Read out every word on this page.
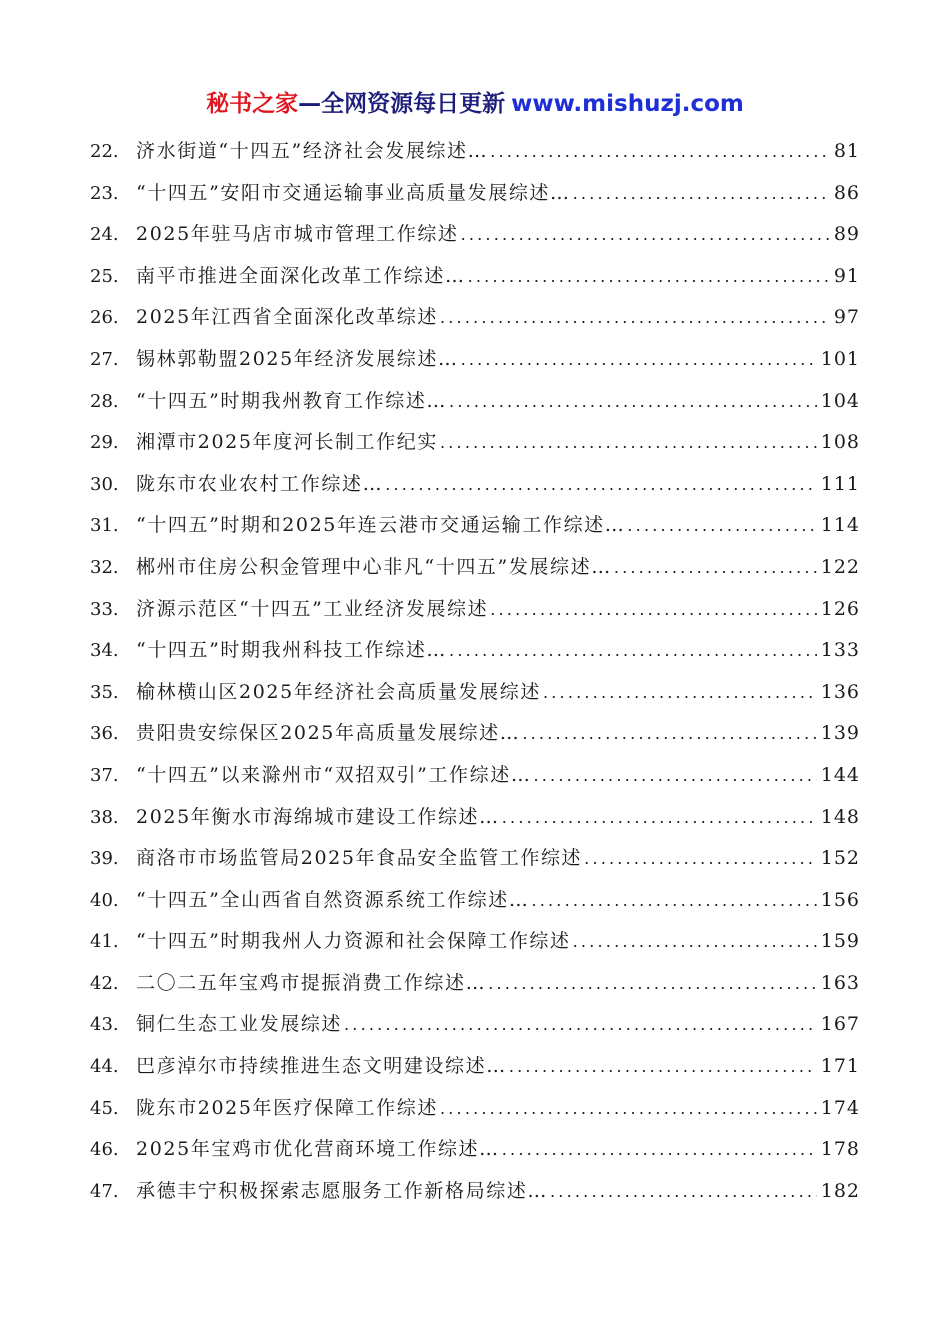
秘书之家—全网资源每日更新 www.mishuzj.com
22. 济水街道“十四五”经济社会发展综述… .....	81
23. “十四五”安阳市交通运输事业高质量发展综述… .....	86
24. 2025年驻马店市城市管理工作综述 .....	89
25. 南平市推进全面深化改革工作综述… .....	91
26. 2025年江西省全面深化改革综述 .....	97
27. 锡林郭勒盟2025年经济发展综述… .....	101
28. “十四五”时期我州教育工作综述… .....	104
29. 湘潭市2025年度河长制工作纪实 .....	108
30. 陇东市农业农村工作综述… .....	111
31. “十四五”时期和2025年连云港市交通运输工作综述… .....	114
32. 郴州市住房公积金管理中心非凡“十四五”发展综述… .....	122
33. 济源示范区“十四五”工业经济发展综述 .....	126
34. “十四五”时期我州科技工作综述… .....	133
35. 榆林横山区2025年经济社会高质量发展综述 .....	136
36. 贵阳贵安综保区2025年高质量发展综述… .....	139
37. “十四五”以来滁州市“双招双引”工作综述… .....	144
38. 2025年衡水市海绵城市建设工作综述… .....	148
39. 商洛市市场监管局2025年食品安全监管工作综述 .....	152
40. “十四五”全山西省自然资源系统工作综述… .....	156
41. “十四五”时期我州人力资源和社会保障工作综述 .....	159
42. 二〇二五年宝鸡市提振消费工作综述… .....	163
43. 铜仁生态工业发展综述 .....	167
44. 巴彦淖尔市持续推进生态文明建设综述… .....	171
45. 陇东市2025年医疗保障工作综述 .....	174
46. 2025年宝鸡市优化营商环境工作综述… .....	178
47. 承德丰宁积极探索志愿服务工作新格局综述… .....	182
